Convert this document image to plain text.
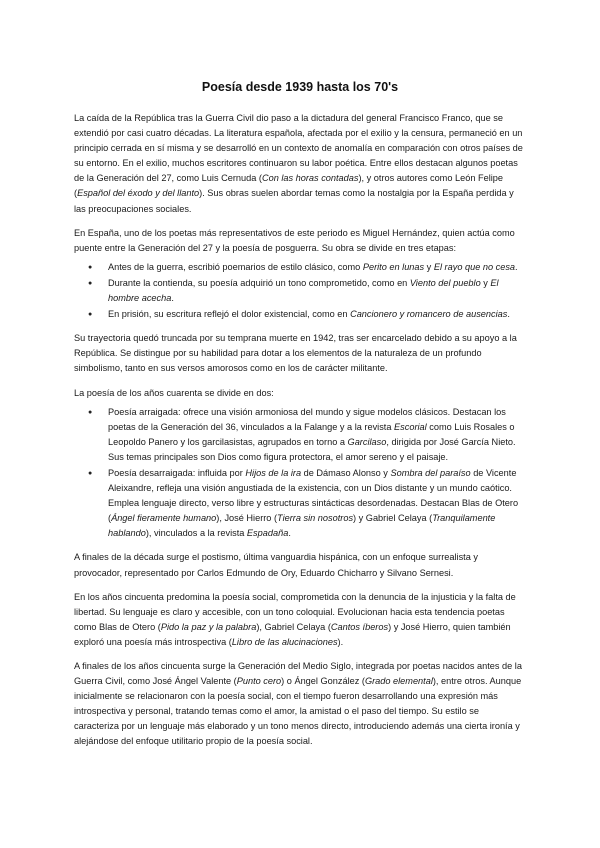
Poesía desde 1939 hasta los 70's

La caída de la República tras la Guerra Civil dio paso a la dictadura del general Francisco Franco, que se extendió por casi cuatro décadas. La literatura española, afectada por el exilio y la censura, permaneció en un principio cerrada en sí misma y se desarrolló en un contexto de anomalía en comparación con otros países de su entorno. En el exilio, muchos escritores continuaron su labor poética. Entre ellos destacan algunos poetas de la Generación del 27, como Luis Cernuda (Con las horas contadas), y otros autores como León Felipe (Español del éxodo y del llanto). Sus obras suelen abordar temas como la nostalgia por la España perdida y las preocupaciones sociales.

En España, uno de los poetas más representativos de este periodo es Miguel Hernández, quien actúa como puente entre la Generación del 27 y la poesía de posguerra. Su obra se divide en tres etapas:

● Antes de la guerra, escribió poemarios de estilo clásico, como Perito en lunas y El rayo que no cesa.
● Durante la contienda, su poesía adquirió un tono comprometido, como en Viento del pueblo y El hombre acecha.
● En prisión, su escritura reflejó el dolor existencial, como en Cancionero y romancero de ausencias.

Su trayectoria quedó truncada por su temprana muerte en 1942, tras ser encarcelado debido a su apoyo a la República. Se distingue por su habilidad para dotar a los elementos de la naturaleza de un profundo simbolismo, tanto en sus versos amorosos como en los de carácter militante.

La poesía de los años cuarenta se divide en dos:

● Poesía arraigada: ofrece una visión armoniosa del mundo y sigue modelos clásicos. Destacan los poetas de la Generación del 36, vinculados a la Falange y a la revista Escorial como Luis Rosales o Leopoldo Panero y los garcilasistas, agrupados en torno a Garcilaso, dirigida por José García Nieto. Sus temas principales son Dios como figura protectora, el amor sereno y el paisaje.
● Poesía desarraigada: influida por Hijos de la ira de Dámaso Alonso y Sombra del paraíso de Vicente Aleixandre, refleja una visión angustiada de la existencia, con un Dios distante y un mundo caótico. Emplea lenguaje directo, verso libre y estructuras sintácticas desordenadas. Destacan Blas de Otero (Ángel fieramente humano), José Hierro (Tierra sin nosotros) y Gabriel Celaya (Tranquilamente hablando), vinculados a la revista Espadaña.

A finales de la década surge el postismo, última vanguardia hispánica, con un enfoque surrealista y provocador, representado por Carlos Edmundo de Ory, Eduardo Chicharro y Silvano Sernesi.

En los años cincuenta predomina la poesía social, comprometida con la denuncia de la injusticia y la falta de libertad. Su lenguaje es claro y accesible, con un tono coloquial. Evolucionan hacia esta tendencia poetas como Blas de Otero (Pido la paz y la palabra), Gabriel Celaya (Cantos íberos) y José Hierro, quien también exploró una poesía más introspectiva (Libro de las alucinaciones).

A finales de los años cincuenta surge la Generación del Medio Siglo, integrada por poetas nacidos antes de la Guerra Civil, como José Ángel Valente (Punto cero) o Ángel González (Grado elemental), entre otros. Aunque inicialmente se relacionaron con la poesía social, con el tiempo fueron desarrollando una expresión más introspectiva y personal, tratando temas como el amor, la amistad o el paso del tiempo. Su estilo se caracteriza por un lenguaje más elaborado y un tono menos directo, introduciendo además una cierta ironía y alejándose del enfoque utilitario propio de la poesía social.
